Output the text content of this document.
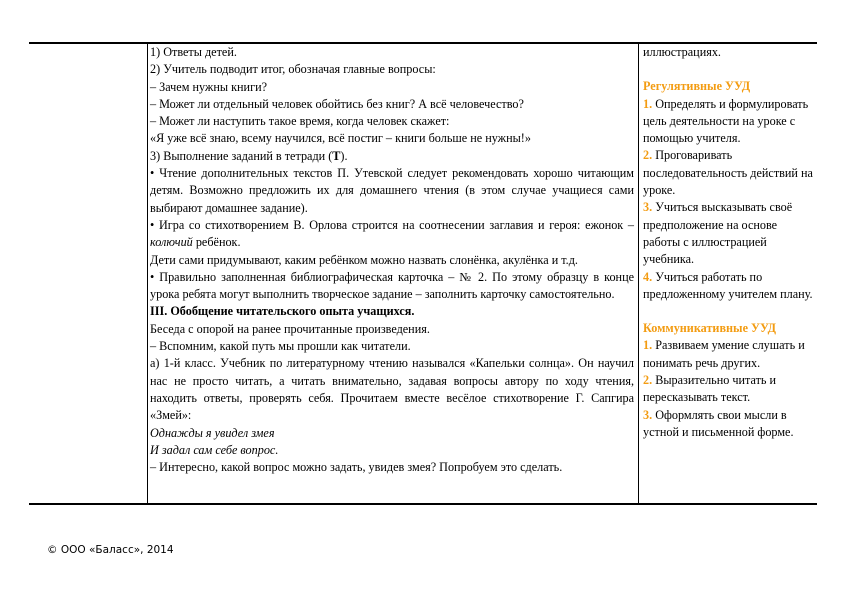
1) Ответы детей.

2) Учитель подводит итог, обозначая главные вопросы:

– Зачем нужны книги?

– Может ли отдельный человек обойтись без книг? А всё человечество?

– Может ли наступить такое время, когда человек скажет:

«Я уже всё знаю, всему научился, всё постиг – книги больше не нужны!»

3) Выполнение заданий в тетради (Т).

• Чтение дополнительных текстов П. Утевской следует рекомендовать хорошо читающим детям. Возможно предложить их для домашнего чтения (в этом случае учащиеся сами выбирают домашнее задание).

• Игра со стихотворением В. Орлова строится на соотнесении заглавия и героя: ежонок – колючий ребёнок.

Дети сами придумывают, каким ребёнком можно назвать слонёнка, акулёнка и т.д.

• Правильно заполненная библиографическая карточка – № 2. По этому образцу в конце урока ребята могут выполнить творческое задание – заполнить карточку самостоятельно.

III. Обобщение читательского опыта учащихся.

Беседа с опорой на ранее прочитанные произведения.

– Вспомним, какой путь мы прошли как читатели.

а) 1-й класс. Учебник по литературному чтению назывался «Капельки солнца». Он научил нас не просто читать, а читать внимательно, задавая вопросы автору по ходу чтения, находить ответы, проверять себя. Прочитаем вместе весёлое стихотворение Г. Сапгира «Змей»:

Однажды я увидел змея

И задал сам себе вопрос.

– Интересно, какой вопрос можно задать, увидев змея? Попробуем это сделать.

иллюстрациях.

Регулятивные УУД

1. Определять и формулировать цель деятельности на уроке с помощью учителя.

2. Проговаривать последовательность действий на уроке.

3. Учиться высказывать своё предположение на основе работы с иллюстрацией учебника.

4. Учиться работать по предложенному учителем плану.

Коммуникативные УУД

1. Развиваем умение слушать и понимать речь других.

2. Выразительно читать и пересказывать текст.

3. Оформлять свои мысли в устной и письменной форме.

© ООО «Баласс», 2014
